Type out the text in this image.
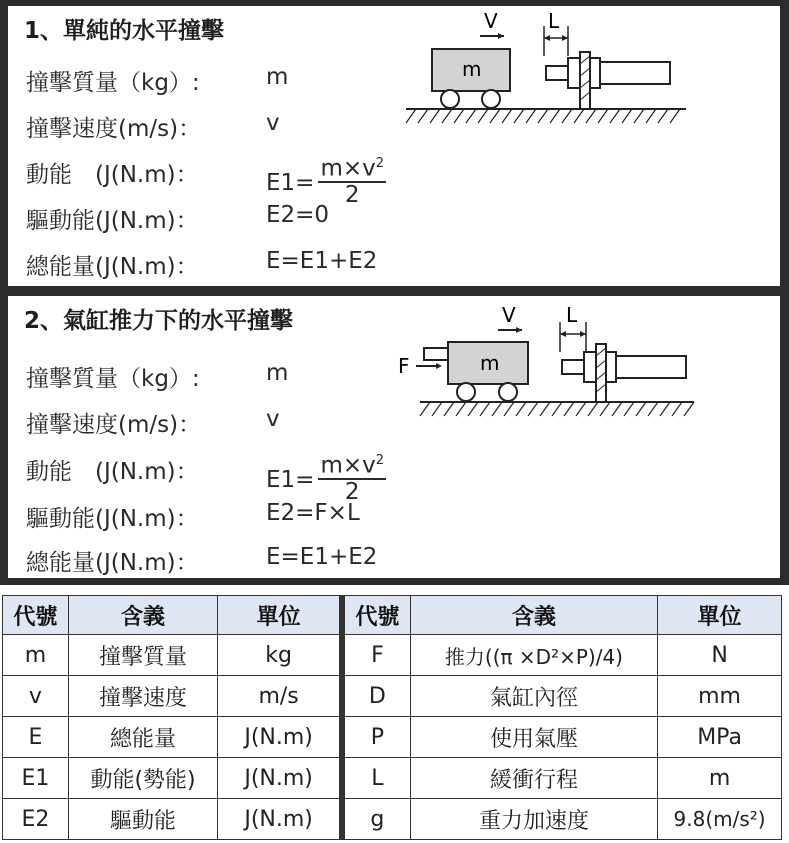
1、單純的水平撞擊
撞擊質量（kg）:	m
撞擊速度(m/s)：	v
動能　(J(N.m)：	$E1= \frac{m\times v^2}{2}$
驅動能(J(N.m)：	E2=0
總能量(J(N.m)：	E=E1+E2
V	L
m
2、氣缸推力下的水平撞擊
撞擊質量（kg）:	m
撞擊速度(m/s)：	v
動能　(J(N.m)：	$E1= \frac{m\times v^2}{2}$
驅動能(J(N.m)：	E2=F×L
總能量(J(N.m)：	E=E1+E2
V	L
F	m
代號	含義	單位
m	撞擊質量	kg
v	撞擊速度	m/s
E	總能量	J(N.m)
E1	動能(勢能)	J(N.m)
E2	驅動能	J(N.m)
代號	含義	單位
F	推力((π ×D²×P)/4)	N
D	氣缸內徑	mm
P	使用氣壓	MPa
L	緩衝行程	m
g	重力加速度	9.8(m/s²)
